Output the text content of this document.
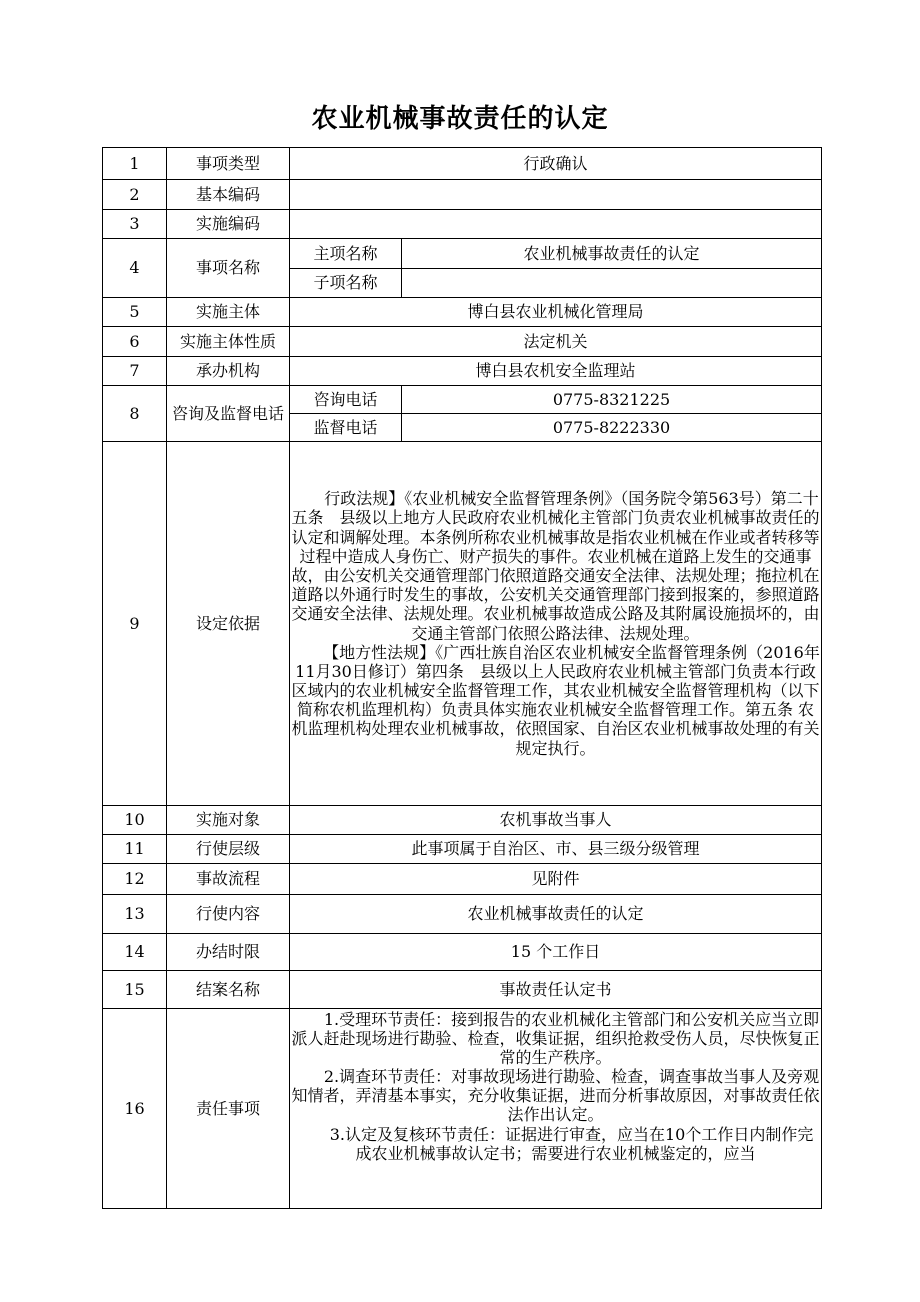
农业机械事故责任的认定
1	事项类型	行政确认	
2	基本编码		
3	实施编码		
4	事项名称	主项名称	农业机械事故责任的认定
		子项名称	
5	实施主体	博白县农业机械化管理局	
6	实施主体性质	法定机关	
7	承办机构	博白县农机安全监理站	
8	咨询及监督电话	咨询电话	0775-8321225
		监督电话	0775-8222330
9	设定依据	行政法规】《农业机械安全监督管理条例》（国务院令第563号）第二十五条　县级以上地方人民政府农业机械化主管部门负责农业机械事故责任的认定和调解处理。本条例所称农业机械事故是指农业机械在作业或者转移等过程中造成人身伤亡、财产损失的事件。农业机械在道路上发生的交通事故，由公安机关交通管理部门依照道路交通安全法律、法规处理；拖拉机在道路以外通行时发生的事故，公安机关交通管理部门接到报案的，参照道路交通安全法律、法规处理。农业机械事故造成公路及其附属设施损坏的，由交通主管部门依照公路法律、法规处理。

【地方性法规】《广西壮族自治区农业机械安全监督管理条例（2016年11月30日修订）第四条　县级以上人民政府农业机械主管部门负责本行政区域内的农业机械安全监督管理工作，其农业机械安全监督管理机构（以下简称农机监理机构）负责具体实施农业机械安全监督管理工作。第五条 农机监理机构处理农业机械事故，依照国家、自治区农业机械事故处理的有关规定执行。	

10	实施对象	农机事故当事人	
11	行使层级	此事项属于自治区、市、县三级分级管理	
12	事故流程	见附件	
13	行使内容	农业机械事故责任的认定	
14	办结时限	15 个工作日	
15	结案名称	事故责任认定书	
16	责任事项	1.受理环节责任：接到报告的农业机械化主管部门和公安机关应当立即派人赶赴现场进行勘验、检查，收集证据，组织抢救受伤人员，尽快恢复正常的生产秩序。

2.调查环节责任：对事故现场进行勘验、检查，调查事故当事人及旁观知情者，弄清基本事实，充分收集证据，进而分析事故原因，对事故责任依法作出认定。

3.认定及复核环节责任：证据进行审查，应当在10个工作日内制作完成农业机械事故认定书；需要进行农业机械鉴定的，应当	
